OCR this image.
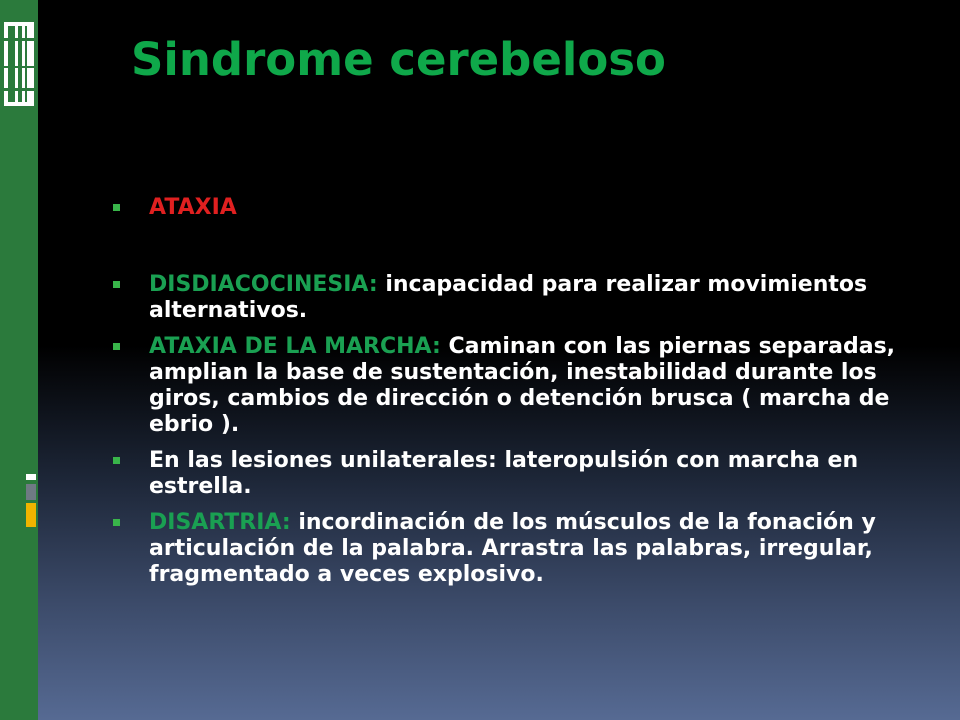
Sindrome cerebeloso
ATAXIA
DISDIACOCINESIA: incapacidad para realizar movimientos alternativos.
ATAXIA DE LA MARCHA: Caminan con las piernas separadas, amplian la base de sustentación, inestabilidad durante los giros, cambios de dirección o detención brusca ( marcha de ebrio ).
En las lesiones unilaterales: lateropulsión con marcha en estrella.
DISARTRIA: incordinación de los músculos de la fonación y articulación de la palabra. Arrastra las palabras, irregular, fragmentado a veces explosivo.
